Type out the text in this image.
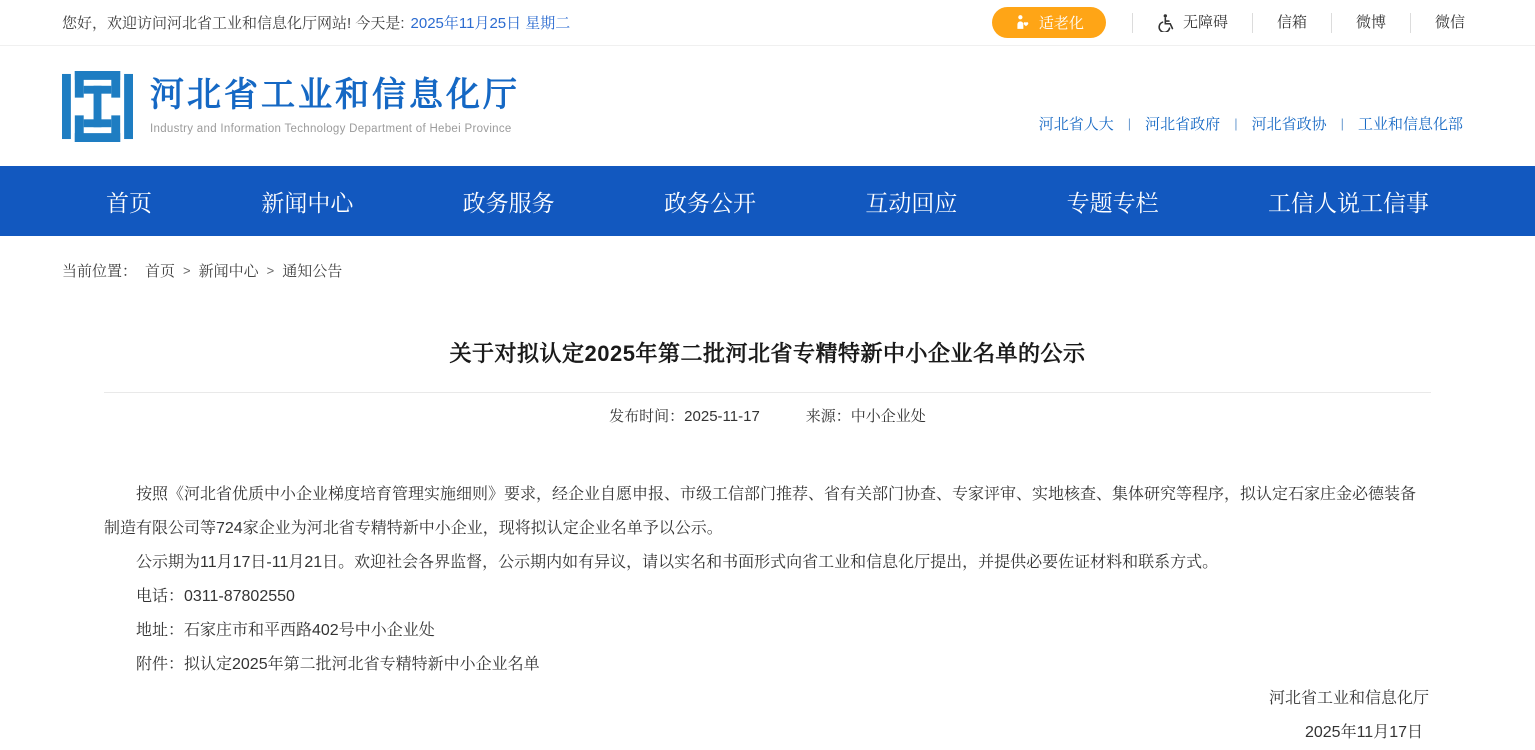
您好，欢迎访问河北省工业和信息化厅网站! 今天是: 2025年11月25日 星期二	适老化	无障碍	信箱	微博	微信
河北省工业和信息化厅
Industry and Information Technology Department of Hebei Province	河北省人大 | 河北省政府 | 河北省政协 | 工业和信息化部
首页	新闻中心	政务服务	政务公开	互动回应	专题专栏	工信人说工信事
当前位置： 首页 > 新闻中心 > 通知公告
关于对拟认定2025年第二批河北省专精特新中小企业名单的公示
发布时间：2025-11-17	来源：中小企业处

按照《河北省优质中小企业梯度培育管理实施细则》要求，经企业自愿申报、市级工信部门推荐、省有关部门协查、专家评审、实地核查、集体研究等程序，拟认定石家庄金必德装备制造有限公司等724家企业为河北省专精特新中小企业，现将拟认定企业名单予以公示。

公示期为11月17日-11月21日。欢迎社会各界监督，公示期内如有异议，请以实名和书面形式向省工业和信息化厅提出，并提供必要佐证材料和联系方式。

电话：0311-87802550

地址：石家庄市和平西路402号中小企业处

附件：拟认定2025年第二批河北省专精特新中小企业名单

河北省工业和信息化厅
2025年11月17日
